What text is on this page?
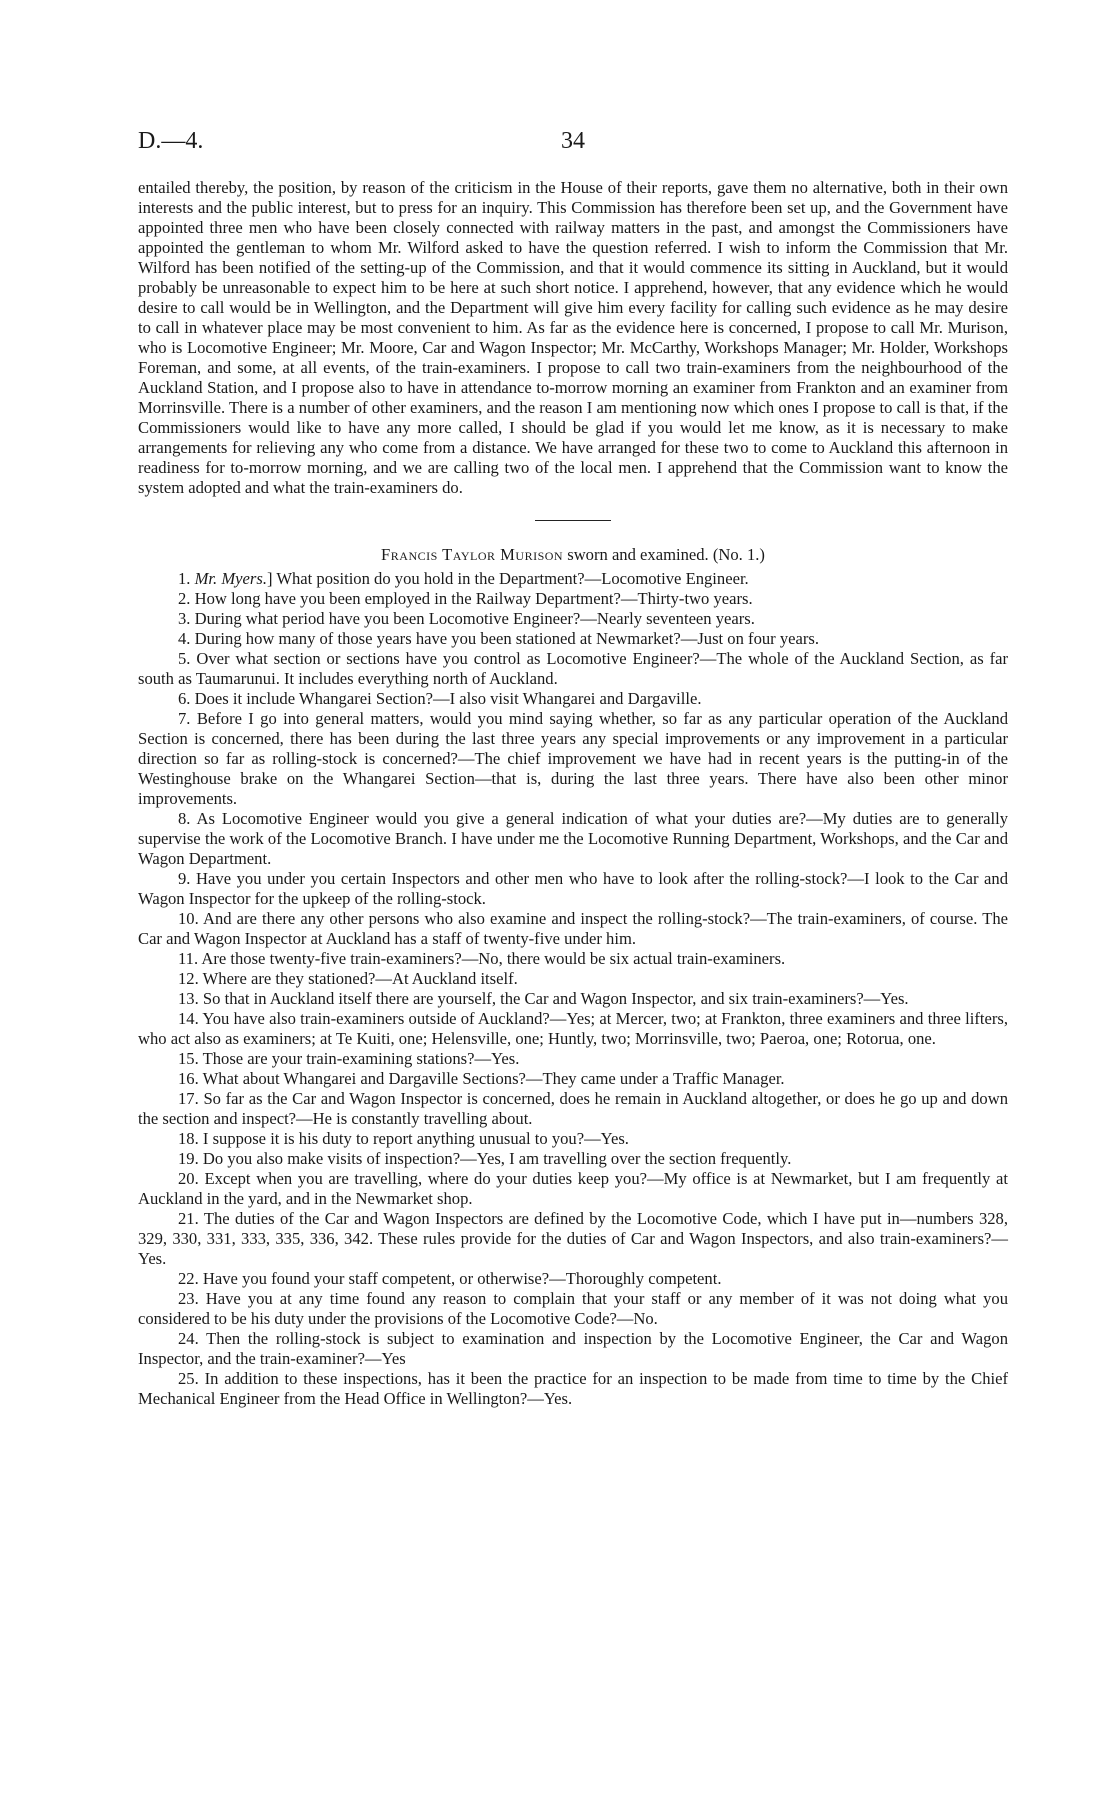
D.—4.	34

entailed thereby, the position, by reason of the criticism in the House of their reports, gave them no alternative, both in their own interests and the public interest, but to press for an inquiry. This Commission has therefore been set up, and the Government have appointed three men who have been closely connected with railway matters in the past, and amongst the Commissioners have appointed the gentleman to whom Mr. Wilford asked to have the question referred. I wish to inform the Commission that Mr. Wilford has been notified of the setting-up of the Commission, and that it would commence its sitting in Auckland, but it would probably be unreasonable to expect him to be here at such short notice. I apprehend, however, that any evidence which he would desire to call would be in Wellington, and the Department will give him every facility for calling such evidence as he may desire to call in whatever place may be most convenient to him. As far as the evidence here is concerned, I propose to call Mr. Murison, who is Locomotive Engineer; Mr. Moore, Car and Wagon Inspector; Mr. McCarthy, Workshops Manager; Mr. Holder, Workshops Foreman, and some, at all events, of the train-examiners. I propose to call two train-examiners from the neighbourhood of the Auckland Station, and I propose also to have in attendance to-morrow morning an examiner from Frankton and an examiner from Morrinsville. There is a number of other examiners, and the reason I am mentioning now which ones I propose to call is that, if the Commissioners would like to have any more called, I should be glad if you would let me know, as it is necessary to make arrangements for relieving any who come from a distance. We have arranged for these two to come to Auckland this afternoon in readiness for to-morrow morning, and we are calling two of the local men. I apprehend that the Commission want to know the system adopted and what the train-examiners do.

Francis Taylor Murison sworn and examined. (No. 1.)

1. Mr. Myers.] What position do you hold in the Department?—Locomotive Engineer.

2. How long have you been employed in the Railway Department?—Thirty-two years.

3. During what period have you been Locomotive Engineer?—Nearly seventeen years.

4. During how many of those years have you been stationed at Newmarket?—Just on four years.

5. Over what section or sections have you control as Locomotive Engineer?—The whole of the Auckland Section, as far south as Taumarunui. It includes everything north of Auckland.

6. Does it include Whangarei Section?—I also visit Whangarei and Dargaville.

7. Before I go into general matters, would you mind saying whether, so far as any particular operation of the Auckland Section is concerned, there has been during the last three years any special improvements or any improvement in a particular direction so far as rolling-stock is concerned?—The chief improvement we have had in recent years is the putting-in of the Westinghouse brake on the Whangarei Section—that is, during the last three years. There have also been other minor improvements.

8. As Locomotive Engineer would you give a general indication of what your duties are?—My duties are to generally supervise the work of the Locomotive Branch. I have under me the Locomotive Running Department, Workshops, and the Car and Wagon Department.

9. Have you under you certain Inspectors and other men who have to look after the rolling-stock?—I look to the Car and Wagon Inspector for the upkeep of the rolling-stock.

10. And are there any other persons who also examine and inspect the rolling-stock?—The train-examiners, of course. The Car and Wagon Inspector at Auckland has a staff of twenty-five under him.

11. Are those twenty-five train-examiners?—No, there would be six actual train-examiners.

12. Where are they stationed?—At Auckland itself.

13. So that in Auckland itself there are yourself, the Car and Wagon Inspector, and six train-examiners?—Yes.

14. You have also train-examiners outside of Auckland?—Yes; at Mercer, two; at Frankton, three examiners and three lifters, who act also as examiners; at Te Kuiti, one; Helensville, one; Huntly, two; Morrinsville, two; Paeroa, one; Rotorua, one.

15. Those are your train-examining stations?—Yes.

16. What about Whangarei and Dargaville Sections?—They came under a Traffic Manager.

17. So far as the Car and Wagon Inspector is concerned, does he remain in Auckland altogether, or does he go up and down the section and inspect?—He is constantly travelling about.

18. I suppose it is his duty to report anything unusual to you?—Yes.

19. Do you also make visits of inspection?—Yes, I am travelling over the section frequently.

20. Except when you are travelling, where do your duties keep you?—My office is at Newmarket, but I am frequently at Auckland in the yard, and in the Newmarket shop.

21. The duties of the Car and Wagon Inspectors are defined by the Locomotive Code, which I have put in—numbers 328, 329, 330, 331, 333, 335, 336, 342. These rules provide for the duties of Car and Wagon Inspectors, and also train-examiners?—Yes.

22. Have you found your staff competent, or otherwise?—Thoroughly competent.

23. Have you at any time found any reason to complain that your staff or any member of it was not doing what you considered to be his duty under the provisions of the Locomotive Code?—No.

24. Then the rolling-stock is subject to examination and inspection by the Locomotive Engineer, the Car and Wagon Inspector, and the train-examiner?—Yes

25. In addition to these inspections, has it been the practice for an inspection to be made from time to time by the Chief Mechanical Engineer from the Head Office in Wellington?—Yes.
